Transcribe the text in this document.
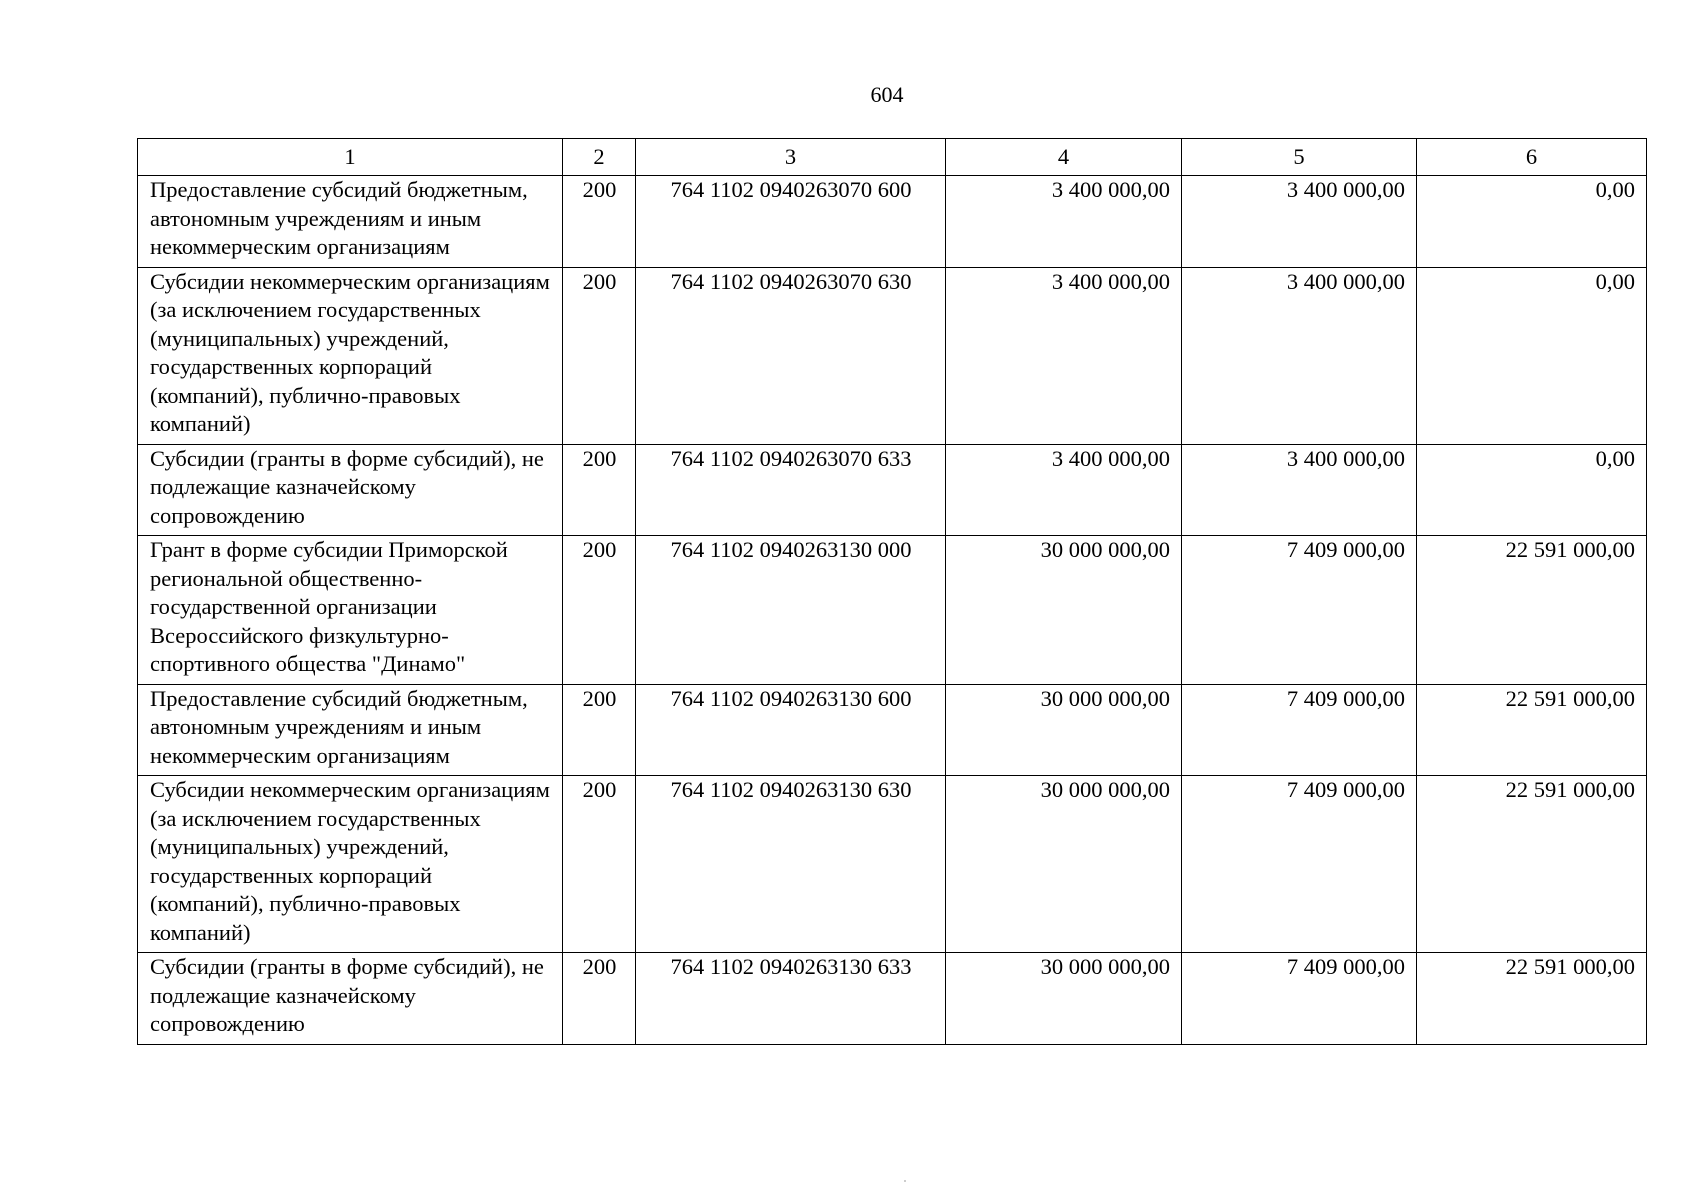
604
1	2	3	4	5	6
Предоставление субсидий бюджетным, автономным учреждениям и иным некоммерческим организациям	200	764 1102 0940263070 600	3 400 000,00	3 400 000,00	0,00
Субсидии некоммерческим организациям (за исключением государственных (муниципальных) учреждений, государственных корпораций (компаний), публично-правовых компаний)	200	764 1102 0940263070 630	3 400 000,00	3 400 000,00	0,00
Субсидии (гранты в форме субсидий), не подлежащие казначейскому сопровождению	200	764 1102 0940263070 633	3 400 000,00	3 400 000,00	0,00
Грант в форме субсидии Приморской региональной общественно-государственной организации Всероссийского физкультурно-спортивного общества "Динамо"	200	764 1102 0940263130 000	30 000 000,00	7 409 000,00	22 591 000,00
Предоставление субсидий бюджетным, автономным учреждениям и иным некоммерческим организациям	200	764 1102 0940263130 600	30 000 000,00	7 409 000,00	22 591 000,00
Субсидии некоммерческим организациям (за исключением государственных (муниципальных) учреждений, государственных корпораций (компаний), публично-правовых компаний)	200	764 1102 0940263130 630	30 000 000,00	7 409 000,00	22 591 000,00
Субсидии (гранты в форме субсидий), не подлежащие казначейскому сопровождению	200	764 1102 0940263130 633	30 000 000,00	7 409 000,00	22 591 000,00
